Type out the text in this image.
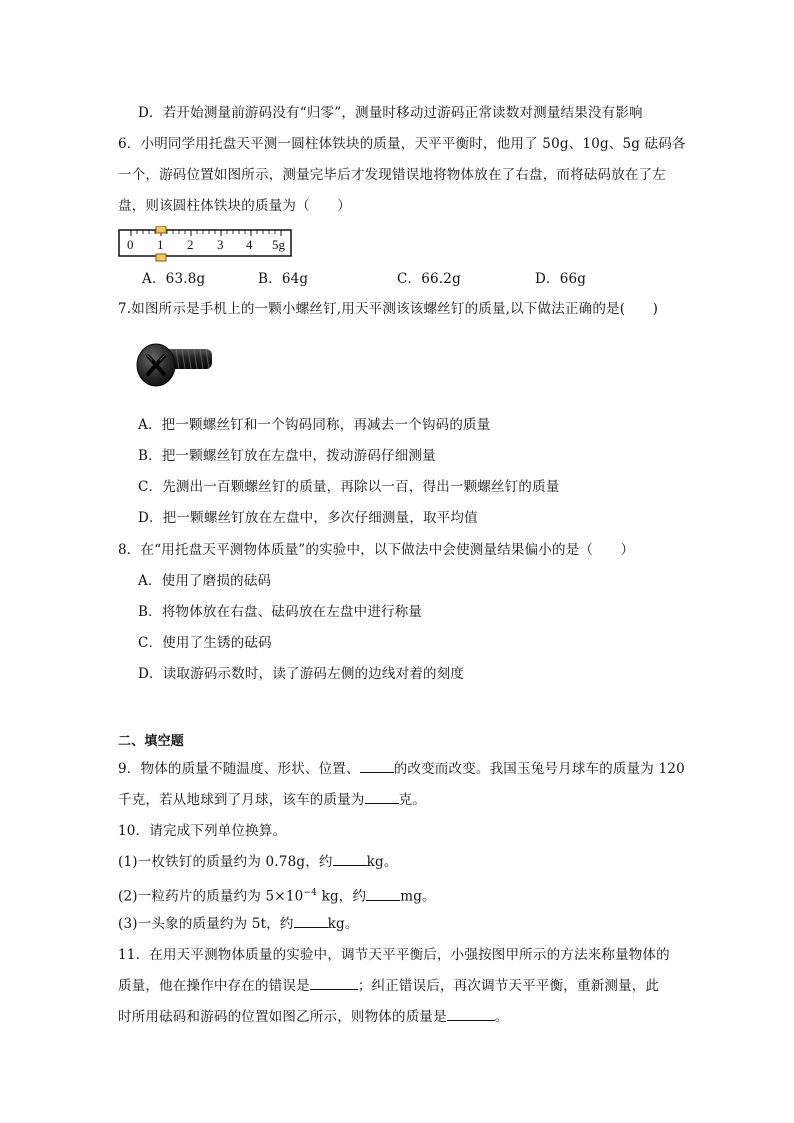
D．若开始测量前游码没有“归零”，测量时移动过游码正常读数对测量结果没有影响
6．小明同学用托盘天平测一圆柱体铁块的质量，天平平衡时，他用了 50g、10g、5g 砝码各
一个，游码位置如图所示，测量完毕后才发现错误地将物体放在了右盘，而将砝码放在了左
盘，则该圆柱体铁块的质量为（　　）
0 1 2 3 4 5g
A．63.8g	B．64g	C．66.2g	D．66g
7.如图所示是手机上的一颗小螺丝钉,用天平测该该螺丝钉的质量,以下做法正确的是(　　)
A．把一颗螺丝钉和一个钩码同称，再减去一个钩码的质量
B．把一颗螺丝钉放在左盘中，拨动游码仔细测量
C．先测出一百颗螺丝钉的质量，再除以一百，得出一颗螺丝钉的质量
D．把一颗螺丝钉放在左盘中，多次仔细测量，取平均值
8．在“用托盘天平测物体质量”的实验中，以下做法中会使测量结果偏小的是（　　）
A．使用了磨损的砝码
B．将物体放在右盘、砝码放在左盘中进行称量
C．使用了生锈的砝码
D．读取游码示数时，读了游码左侧的边线对着的刻度
二、填空题
9．物体的质量不随温度、形状、位置、	的改变而改变。我国玉兔号月球车的质量为 120
千克，若从地球到了月球，该车的质量为	克。
10．请完成下列单位换算。
(1)一枚铁钉的质量约为 0.78g，约	kg。
(2)一粒药片的质量约为 $5\times 10^{-4}$ kg，约	mg。
(3)一头象的质量约为 5t，约	kg。
11．在用天平测物体质量的实验中，调节天平平衡后，小强按图甲所示的方法来称量物体的
质量，他在操作中存在的错误是	；纠正错误后，再次调节天平平衡，重新测量，此
时所用砝码和游码的位置如图乙所示，则物体的质量是	。
